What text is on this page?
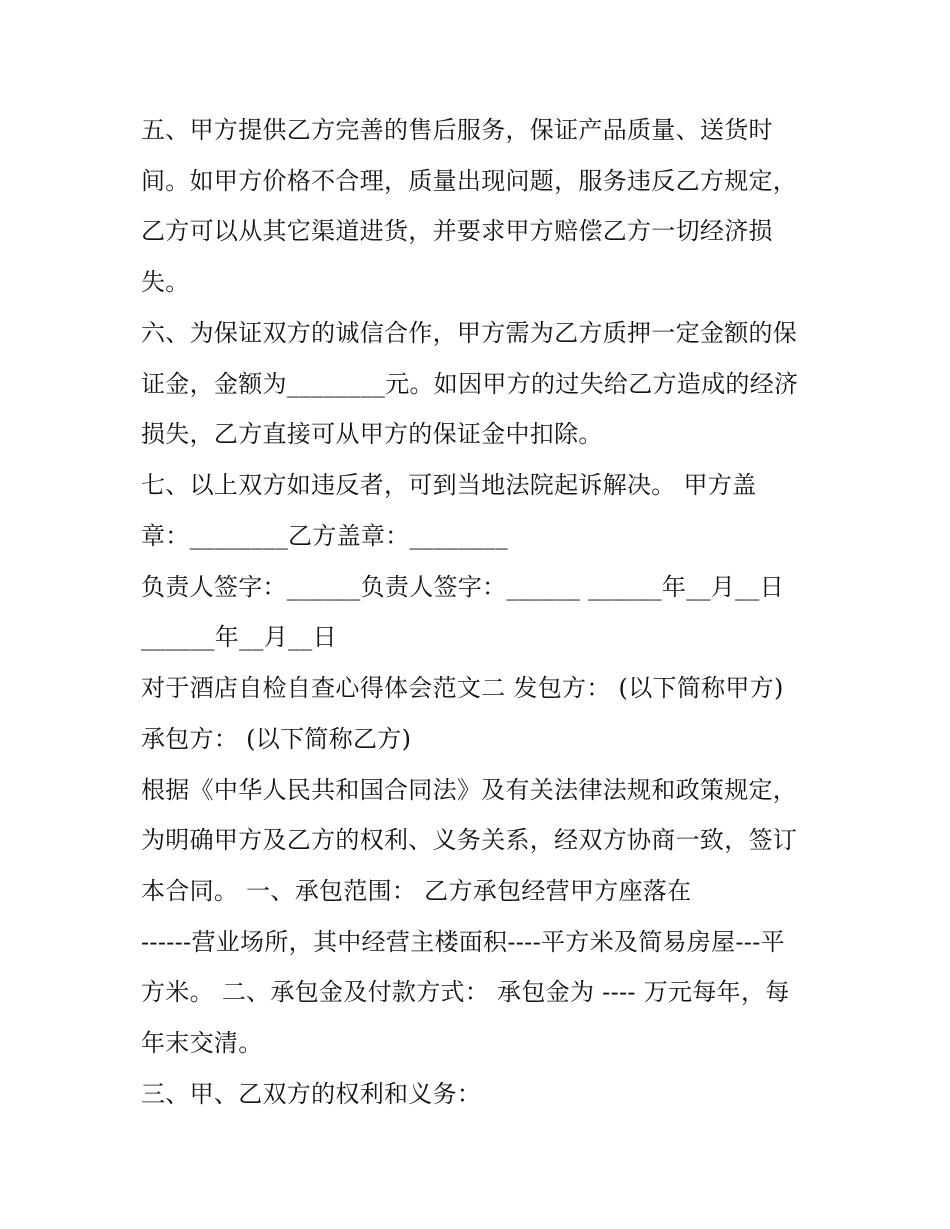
五、甲方提供乙方完善的售后服务，保证产品质量、送货时
间。如甲方价格不合理，质量出现问题，服务违反乙方规定，
乙方可以从其它渠道进货，并要求甲方赔偿乙方一切经济损
失。
六、为保证双方的诚信合作，甲方需为乙方质押一定金额的保
证金，金额为________元。如因甲方的过失给乙方造成的经济
损失，乙方直接可从甲方的保证金中扣除。
七、以上双方如违反者，可到当地法院起诉解决。 甲方盖
章：________乙方盖章：________
负责人签字：______负责人签字：______ ______年__月__日
______年__月__日
对于酒店自检自查心得体会范文二 发包方： (以下简称甲方)
承包方： (以下简称乙方)
根据《中华人民共和国合同法》及有关法律法规和政策规定，
为明确甲方及乙方的权利、义务关系，经双方协商一致，签订
本合同。 一、承包范围： 乙方承包经营甲方座落在
------营业场所，其中经营主楼面积----平方米及简易房屋---平
方米。 二、承包金及付款方式： 承包金为 ---- 万元每年，每
年末交清。
三、甲、乙双方的权利和义务：
